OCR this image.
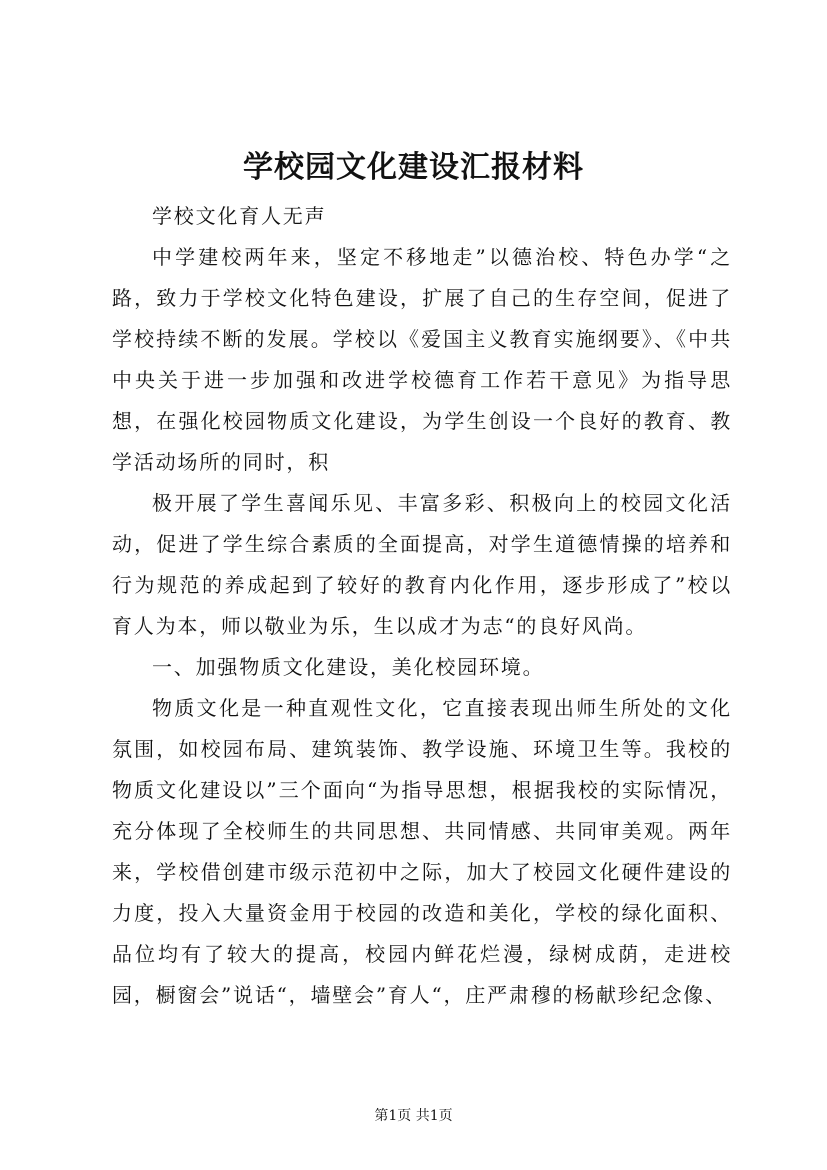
学校园文化建设汇报材料

学校文化育人无声

中学建校两年来，坚定不移地走”以德治校、特色办学“之路，致力于学校文化特色建设，扩展了自己的生存空间，促进了学校持续不断的发展。学校以《爱国主义教育实施纲要》、《中共中央关于进一步加强和改进学校德育工作若干意见》为指导思想，在强化校园物质文化建设，为学生创设一个良好的教育、教学活动场所的同时，积

极开展了学生喜闻乐见、丰富多彩、积极向上的校园文化活动，促进了学生综合素质的全面提高，对学生道德情操的培养和行为规范的养成起到了较好的教育内化作用，逐步形成了”校以育人为本，师以敬业为乐，生以成才为志“的良好风尚。

一、加强物质文化建设，美化校园环境。

物质文化是一种直观性文化，它直接表现出师生所处的文化氛围，如校园布局、建筑装饰、教学设施、环境卫生等。我校的物质文化建设以”三个面向“为指导思想，根据我校的实际情况，充分体现了全校师生的共同思想、共同情感、共同审美观。两年来，学校借创建市级示范初中之际，加大了校园文化硬件建设的力度，投入大量资金用于校园的改造和美化，学校的绿化面积、品位均有了较大的提高，校园内鲜花烂漫，绿树成荫，走进校园，橱窗会”说话“，墙壁会”育人“，庄严肃穆的杨献珍纪念像、

第1页 共1页
